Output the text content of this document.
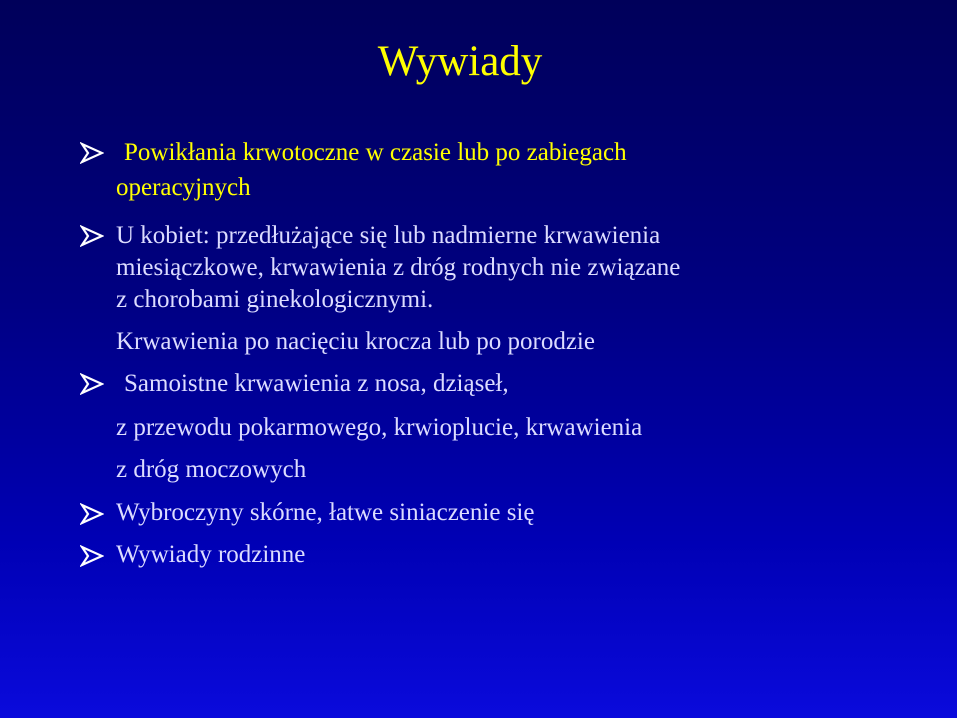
Wywiady
Powikłania krwotoczne w czasie lub po zabiegach
operacyjnych
U kobiet: przedłużające się lub nadmierne krwawienia
miesiączkowe, krwawienia z dróg rodnych nie związane
z chorobami ginekologicznymi.
Krwawienia po nacięciu krocza lub po porodzie
Samoistne krwawienia z nosa, dziąseł,
z przewodu pokarmowego, krwioplucie, krwawienia
z dróg moczowych
Wybroczyny skórne, łatwe siniaczenie się
Wywiady rodzinne
